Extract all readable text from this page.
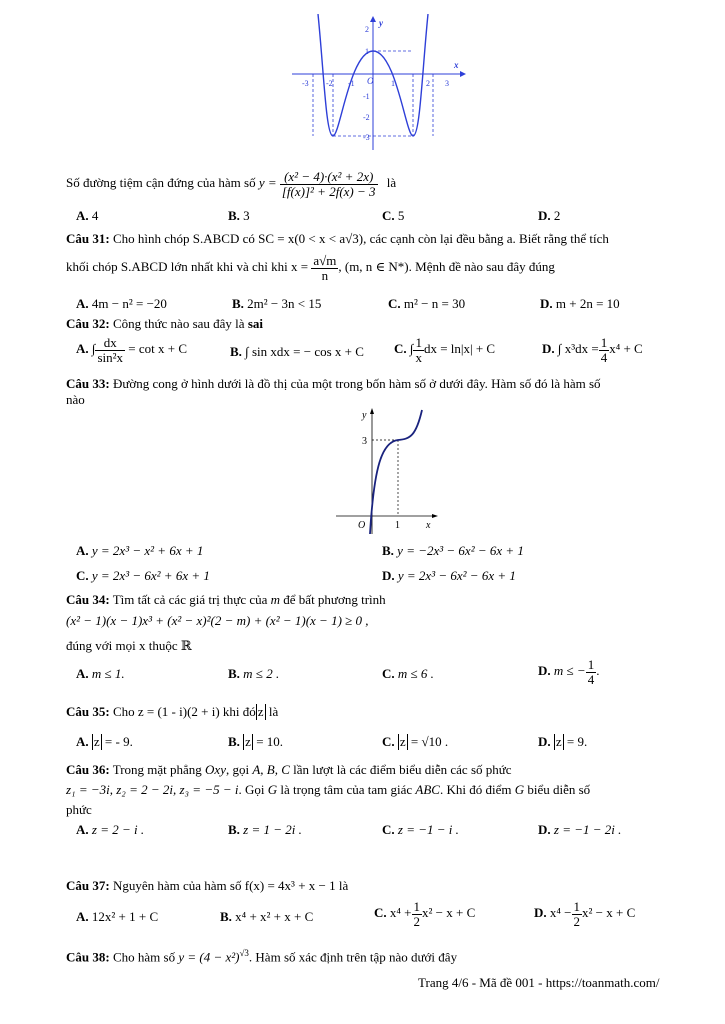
y
x
O
-3 -2 -1	1	2 3
2
1
-1
-2
-3
Số đường tiệm cận đứng của hàm số $y = \frac{\text{(x² − 4)·(x² + 2x)}}{\text{[f(x)]² + 2f(x) − 3}}$ là
A. 4	B. 3	C. 5	D. 2
Câu 31: Cho hình chóp S.ABCD có SC = x(0 < x < a√3), các cạnh còn lại đều bằng a. Biết rằng thể tích
khối chóp S.ABCD lớn nhất khi và chỉ khi $x = \frac{a√m}{n}$ , (m, n ∈ N*). Mệnh đề nào sau đây đúng
A. 4m − n² = −20	B. 2m² − 3n < 15	C. m² − n = 30	D. m + 2n = 10
Câu 32: Công thức nào sau đây là sai
A. ∫ $\frac{dx}{\text{sin²x}} = \cot x + C$	B. ∫ sin xdx = − cos x + C C. ∫ $\frac{1}{x}$ dx = ln|x| + C	D. ∫ $x^3dx = \frac{1}{4} x^4 + C$
Câu 33: Đường cong ở hình dưới là đồ thị của một trong bốn hàm số ở dưới đây. Hàm số đó là hàm số
nào
y
x
O
3
1
A. y = 2x³ − x² + 6x + 1	B. y = −2x³ − 6x² − 6x + 1
C. y = 2x³ − 6x² + 6x + 1	D. y = 2x³ − 6x² − 6x + 1
Câu 34: Tìm tất cả các giá trị thực của m để bất phương trình
(x² − 1)(x − 1)x³ + (x² − x)²(2 − m) + (x² − 1)(x − 1) ≥ 0 ,
đúng với mọi x thuộc ℝ
A. m ≤ 1.	B. m ≤ 2 .	C. m ≤ 6 .	D. m ≤ − $\frac{1}{4}$ .
Câu 35: Cho z = (1 - i)(2 + i) khi đó z là
A. z = - 9.	B. z = 10.	C. z = √10 .	D. z = 9.
Câu 36: Trong mặt phẳng Oxy, gọi A, B, C lần lượt là các điểm biểu diễn các số phức
z₁ = −3i, z₂ = 2 − 2i, z₃ = −5 − i. Gọi G là trọng tâm của tam giác ABC. Khi đó điểm G biểu diễn số
phức
A. z = 2 − i .	B. z = 1 − 2i .	C. z = −1 − i .	D. z = −1 − 2i .
Câu 37: Nguyên hàm của hàm số f(x) = 4x³ + x − 1 là
A. 12x² + 1 + C	B. x⁴ + x² + x + C	C. $x^4 + \frac{1}{2} x^2 - x + C$	D. $x^4 - \frac{1}{2} x^2 - x + C$
Câu 38: Cho hàm số $y = (4 - x^2)^{√3}$. Hàm số xác định trên tập nào dưới đây
Trang 4/6 - Mã đề 001 - https://toanmath.com/
